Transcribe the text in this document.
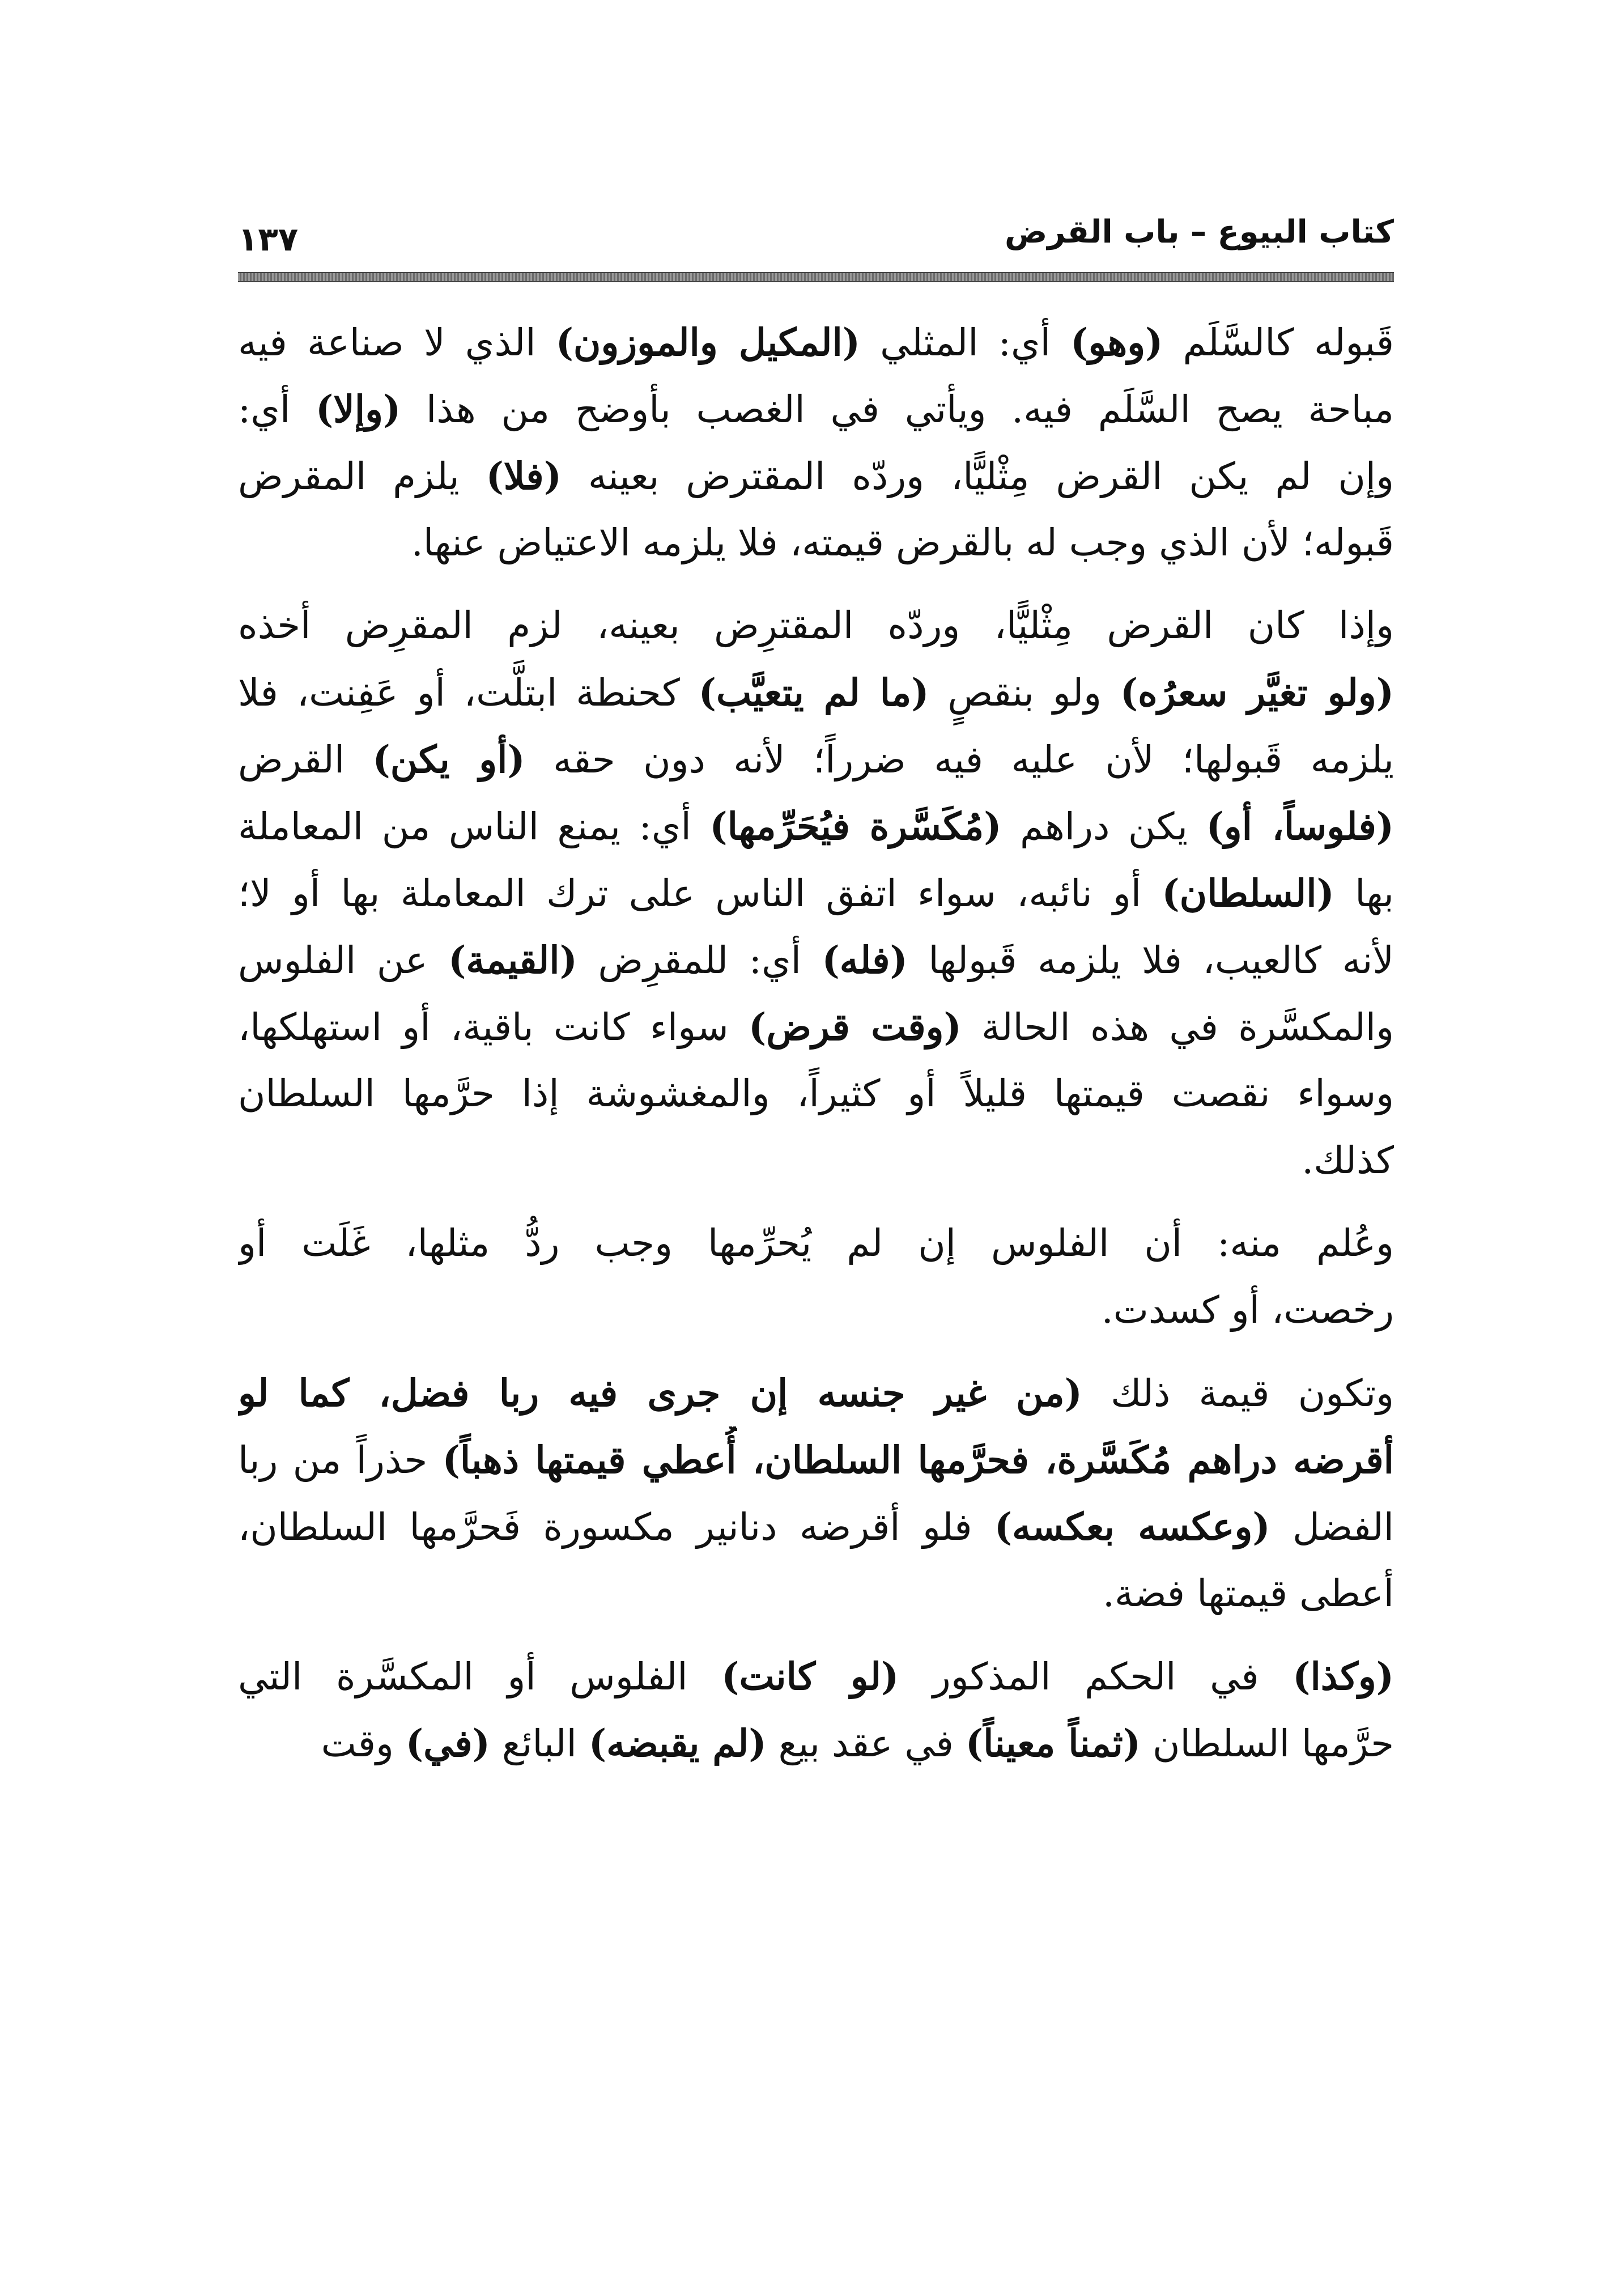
كتاب البيوع – باب القرض
١٣٧
قَبوله كالسَّلَم (وهو) أي: المثلي (المكيل والموزون) الذي لا صناعة فيه
مباحة يصح السَّلَم فيه. ويأتي في الغصب بأوضح من هذا (وإلا) أي:
وإن لم يكن القرض مِثْليًّا، وردّه المقترض بعينه (فلا) يلزم المقرض
قَبوله؛ لأن الذي وجب له بالقرض قيمته، فلا يلزمه الاعتياض عنها.
وإذا كان القرض مِثْليًّا، وردّه المقترِض بعينه، لزم المقرِض أخذه
(ولو تغيَّر سعرُه) ولو بنقصٍ (ما لم يتعيَّب) كحنطة ابتلَّت، أو عَفِنت، فلا
يلزمه قَبولها؛ لأن عليه فيه ضرراً؛ لأنه دون حقه (أو يكن) القرض
(فلوساً، أو) يكن دراهم (مُكَسَّرة فيُحَرِّمها) أي: يمنع الناس من المعاملة
بها (السلطان) أو نائبه، سواء اتفق الناس على ترك المعاملة بها أو لا؛
لأنه كالعيب، فلا يلزمه قَبولها (فله) أي: للمقرِض (القيمة) عن الفلوس
والمكسَّرة في هذه الحالة (وقت قرض) سواء كانت باقية، أو استهلكها،
وسواء نقصت قيمتها قليلاً أو كثيراً، والمغشوشة إذا حرَّمها السلطان
كذلك.
وعُلم منه: أن الفلوس إن لم يُحرِّمها وجب ردُّ مثلها، غَلَت أو
رخصت، أو كسدت.
وتكون قيمة ذلك (من غير جنسه إن جرى فيه ربا فضل، كما لو
أقرضه دراهم مُكَسَّرة، فحرَّمها السلطان، أُعطي قيمتها ذهباً) حذراً من ربا
الفضل (وعكسه بعكسه) فلو أقرضه دنانير مكسورة فَحرَّمها السلطان،
أعطى قيمتها فضة.
(وكذا) في الحكم المذكور (لو كانت) الفلوس أو المكسَّرة التي
حرَّمها السلطان (ثمناً معيناً) في عقد بيع (لم يقبضه) البائع (في) وقت
